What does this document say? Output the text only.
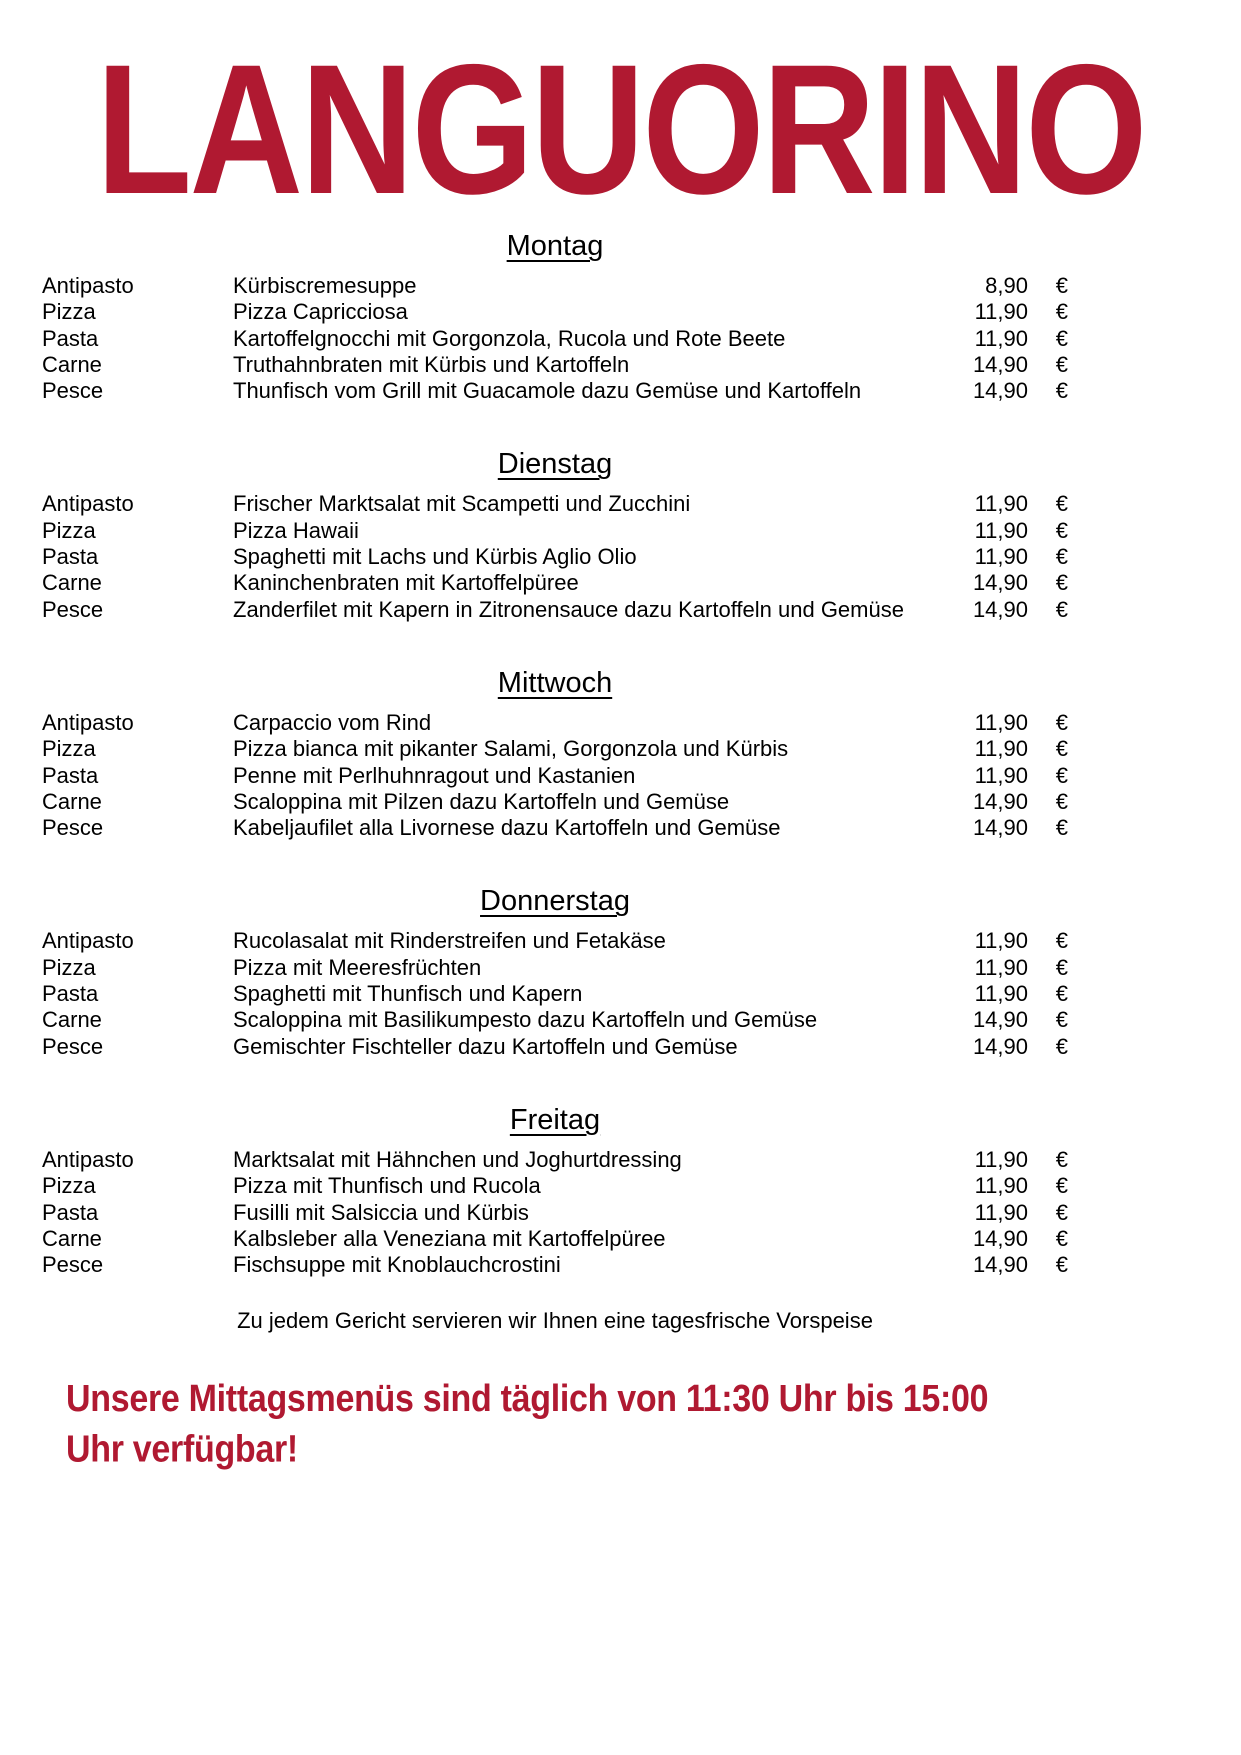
LANGUORINO
Montag
Antipasto	Kürbiscremesuppe	8,90	€
Pizza	Pizza Capricciosa	11,90	€
Pasta	Kartoffelgnocchi mit Gorgonzola, Rucola und Rote Beete	11,90	€
Carne	Truthahnbraten mit Kürbis und Kartoffeln	14,90	€
Pesce	Thunfisch vom Grill mit Guacamole dazu Gemüse und Kartoffeln	14,90	€
Dienstag
Antipasto	Frischer Marktsalat mit Scampetti und Zucchini	11,90	€
Pizza	Pizza Hawaii	11,90	€
Pasta	Spaghetti mit Lachs und Kürbis Aglio Olio	11,90	€
Carne	Kaninchenbraten mit Kartoffelpüree	14,90	€
Pesce	Zanderfilet mit Kapern in Zitronensauce dazu Kartoffeln und Gemüse	14,90	€
Mittwoch
Antipasto	Carpaccio vom Rind	11,90	€
Pizza	Pizza bianca mit pikanter Salami, Gorgonzola und Kürbis	11,90	€
Pasta	Penne mit Perlhuhnragout und Kastanien	11,90	€
Carne	Scaloppina mit Pilzen dazu Kartoffeln und Gemüse	14,90	€
Pesce	Kabeljaufilet alla Livornese dazu Kartoffeln und Gemüse	14,90	€
Donnerstag
Antipasto	Rucolasalat mit Rinderstreifen und Fetakäse	11,90	€
Pizza	Pizza mit Meeresfrüchten	11,90	€
Pasta	Spaghetti mit Thunfisch und Kapern	11,90	€
Carne	Scaloppina mit Basilikumpesto dazu Kartoffeln und Gemüse	14,90	€
Pesce	Gemischter Fischteller dazu Kartoffeln und Gemüse	14,90	€
Freitag
Antipasto	Marktsalat mit Hähnchen und Joghurtdressing	11,90	€
Pizza	Pizza mit Thunfisch und Rucola	11,90	€
Pasta	Fusilli mit Salsiccia und Kürbis	11,90	€
Carne	Kalbsleber alla Veneziana mit Kartoffelpüree	14,90	€
Pesce	Fischsuppe mit Knoblauchcrostini	14,90	€
Zu jedem Gericht servieren wir Ihnen eine tagesfrische Vorspeise
Unsere Mittagsmenüs sind täglich von 11:30 Uhr bis 15:00 Uhr verfügbar!
